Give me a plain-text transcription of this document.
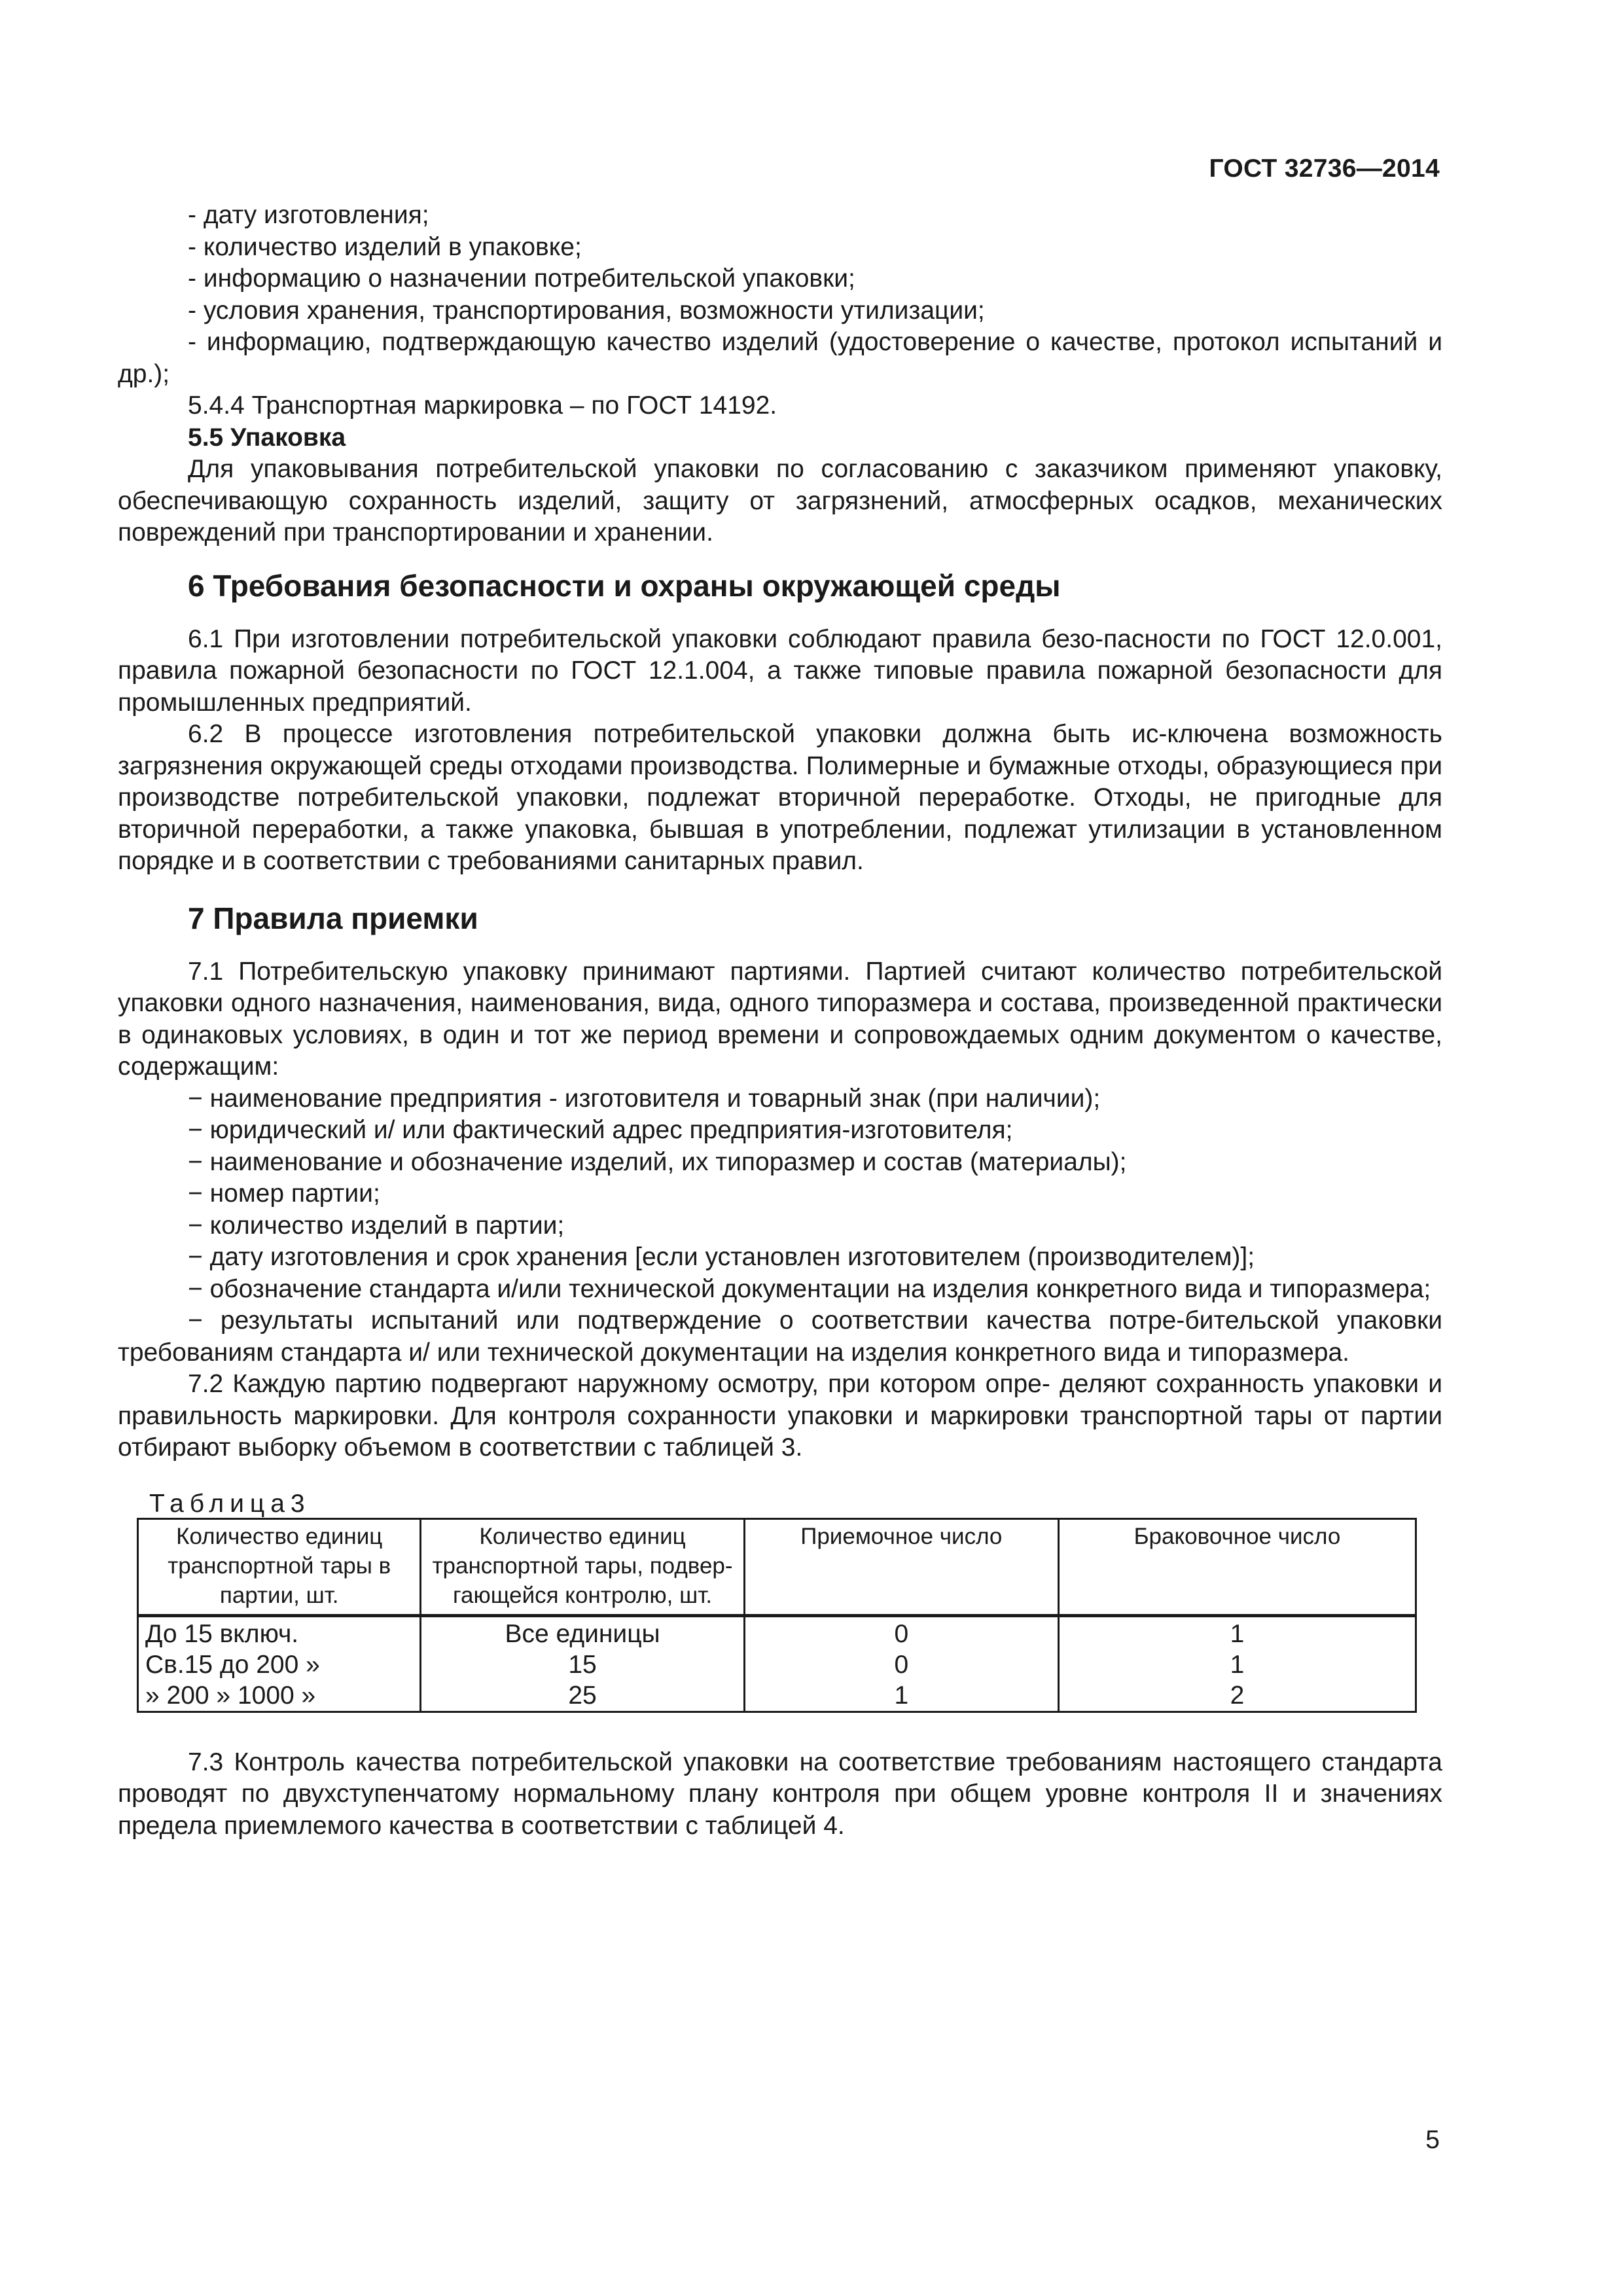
ГОСТ 32736—2014

- дату изготовления;

- количество изделий в упаковке;

- информацию о назначении потребительской упаковки;

- условия хранения, транспортирования, возможности утилизации;

- информацию, подтверждающую качество изделий (удостоверение о качестве, протокол испытаний и др.);

5.4.4 Транспортная маркировка – по ГОСТ 14192.

5.5 Упаковка

Для упаковывания потребительской упаковки по согласованию с заказчиком применяют упаковку, обеспечивающую сохранность изделий, защиту от загрязнений, атмосферных осадков, механических повреждений при транспортировании и хранении.

6 Требования безопасности и охраны окружающей среды

6.1 При изготовлении потребительской упаковки соблюдают правила безо-пасности по ГОСТ 12.0.001, правила пожарной безопасности по ГОСТ 12.1.004, а также типовые правила пожарной безопасности для промышленных предприятий.

6.2 В процессе изготовления потребительской упаковки должна быть ис-ключена возможность загрязнения окружающей среды отходами производства. Полимерные и бумажные отходы, образующиеся при производстве потребительской упаковки, подлежат вторичной переработке. Отходы, не пригодные для вторичной переработки, а также упаковка, бывшая в употреблении, подлежат утилизации в установленном порядке и в соответствии с требованиями санитарных правил.

7 Правила приемки

7.1 Потребительскую упаковку принимают партиями. Партией считают количество потребительской упаковки одного назначения, наименования, вида, одного типоразмера и состава, произведенной практически в одинаковых условиях, в один и тот же период времени и сопровождаемых одним документом о качестве, содержащим:

− наименование предприятия - изготовителя и товарный знак (при наличии);

− юридический и/ или фактический адрес предприятия-изготовителя;

− наименование и обозначение изделий, их типоразмер и состав (материалы);

− номер партии;

− количество изделий в партии;

− дату изготовления и срок хранения [если установлен изготовителем (производителем)];

− обозначение стандарта и/или технической документации на изделия конкретного вида и типоразмера;

− результаты испытаний или подтверждение о соответствии качества потре-бительской упаковки требованиям стандарта и/ или технической документации на изделия конкретного вида и типоразмера.

7.2 Каждую партию подвергают наружному осмотру, при котором опре- деляют сохранность упаковки и правильность маркировки. Для контроля сохранности упаковки и маркировки транспортной тары от партии отбирают выборку объемом в соответствии с таблицей 3.

Таблица3

Количество единиц транспортной тары в партии, шт.	Количество единиц транспортной тары, подвер-гающейся контролю, шт.	Приемочное число	Браковочное число
До 15 включ.	Все единицы	0	1
Св.15 до 200 »	15	0	1
» 200 » 1000 »	25	1	2

7.3 Контроль качества потребительской упаковки на соответствие требованиям настоящего стандарта проводят по двухступенчатому нормальному плану контроля при общем уровне контроля II и значениях предела приемлемого качества в соответствии с таблицей 4.

5
